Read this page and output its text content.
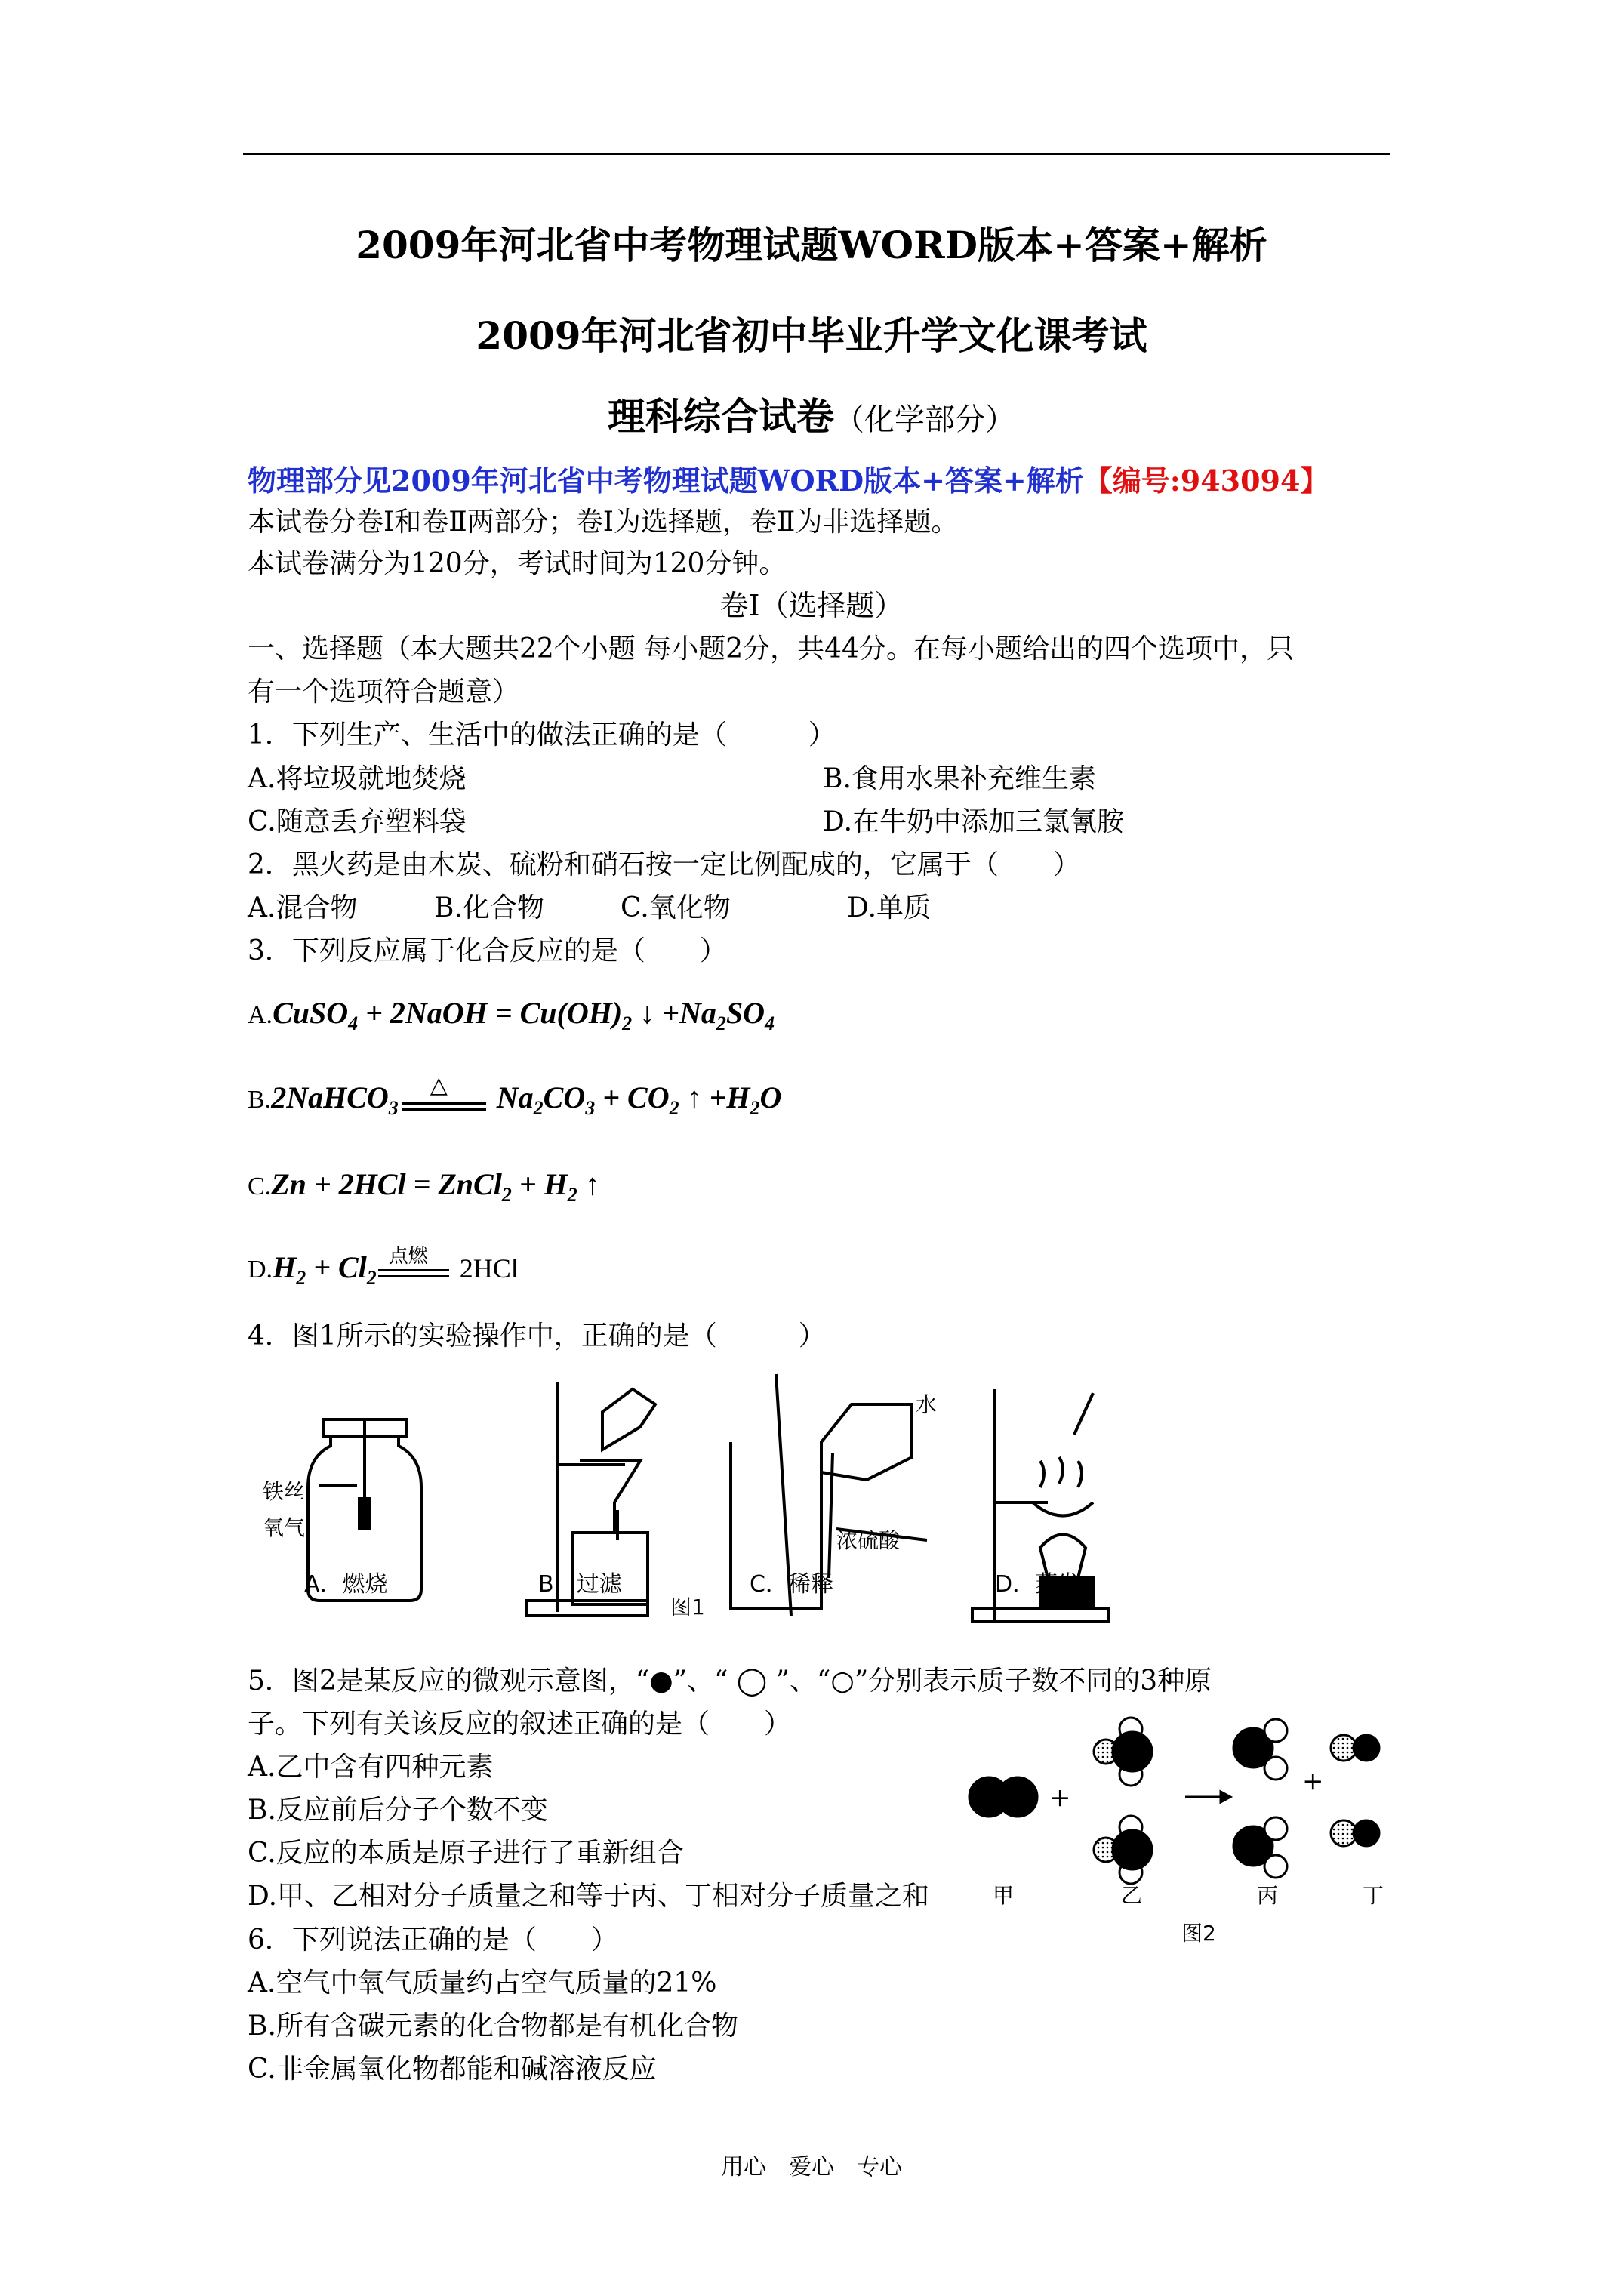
2009年河北省中考物理试题WORD版本+答案+解析
2009年河北省初中毕业升学文化课考试
理科综合试卷（化学部分）
物理部分见2009年河北省中考物理试题WORD版本+答案+解析【编号:943094】
本试卷分卷Ⅰ和卷Ⅱ两部分；卷Ⅰ为选择题，卷Ⅱ为非选择题。
本试卷满分为120分，考试时间为120分钟。
卷Ⅰ（选择题）
一、选择题（本大题共22个小题 每小题2分，共44分。在每小题给出的四个选项中，只
有一个选项符合题意）
1．下列生产、生活中的做法正确的是（　　　）
A.将垃圾就地焚烧	B.食用水果补充维生素
C.随意丢弃塑料袋	D.在牛奶中添加三氯氰胺
2．黑火药是由木炭、硫粉和硝石按一定比例配成的，它属于（　　）
A.混合物	B.化合物	C.氧化物	D.单质
3．下列反应属于化合反应的是（　　）
A.CuSO$_4$ + 2NaOH = $Cu(OH)_2$ ↓ $+Na_2SO_4$
B.2NaHCO$_3$
△ $Na_2CO_3 + CO_2$ ↑ $+H_2O$
C.Zn + 2HCl = ZnCl$_2$ + $H_2$ ↑
$D.H_2 + Cl_2$
点燃 2HCl
4．图1所示的实验操作中，正确的是（　　　）
铁丝
氧气
水
浓硫酸
A．燃烧	B．过滤	C．稀释	D．蒸发
图1
5．图2是某反应的微观示意图，“●”、“ ◯ ”、“○”分别表示质子数不同的3种原
子。下列有关该反应的叙述正确的是（　　）
A.乙中含有四种元素
B.反应前后分子个数不变
C.反应的本质是原子进行了重新组合
D.甲、乙相对分子质量之和等于丙、丁相对分子质量之和
+
+
甲	乙	丙	丁
图2
6．下列说法正确的是（　　）
A.空气中氧气质量约占空气质量的21%
B.所有含碳元素的化合物都是有机化合物
C.非金属氧化物都能和碱溶液反应
用心　爱心　专心
